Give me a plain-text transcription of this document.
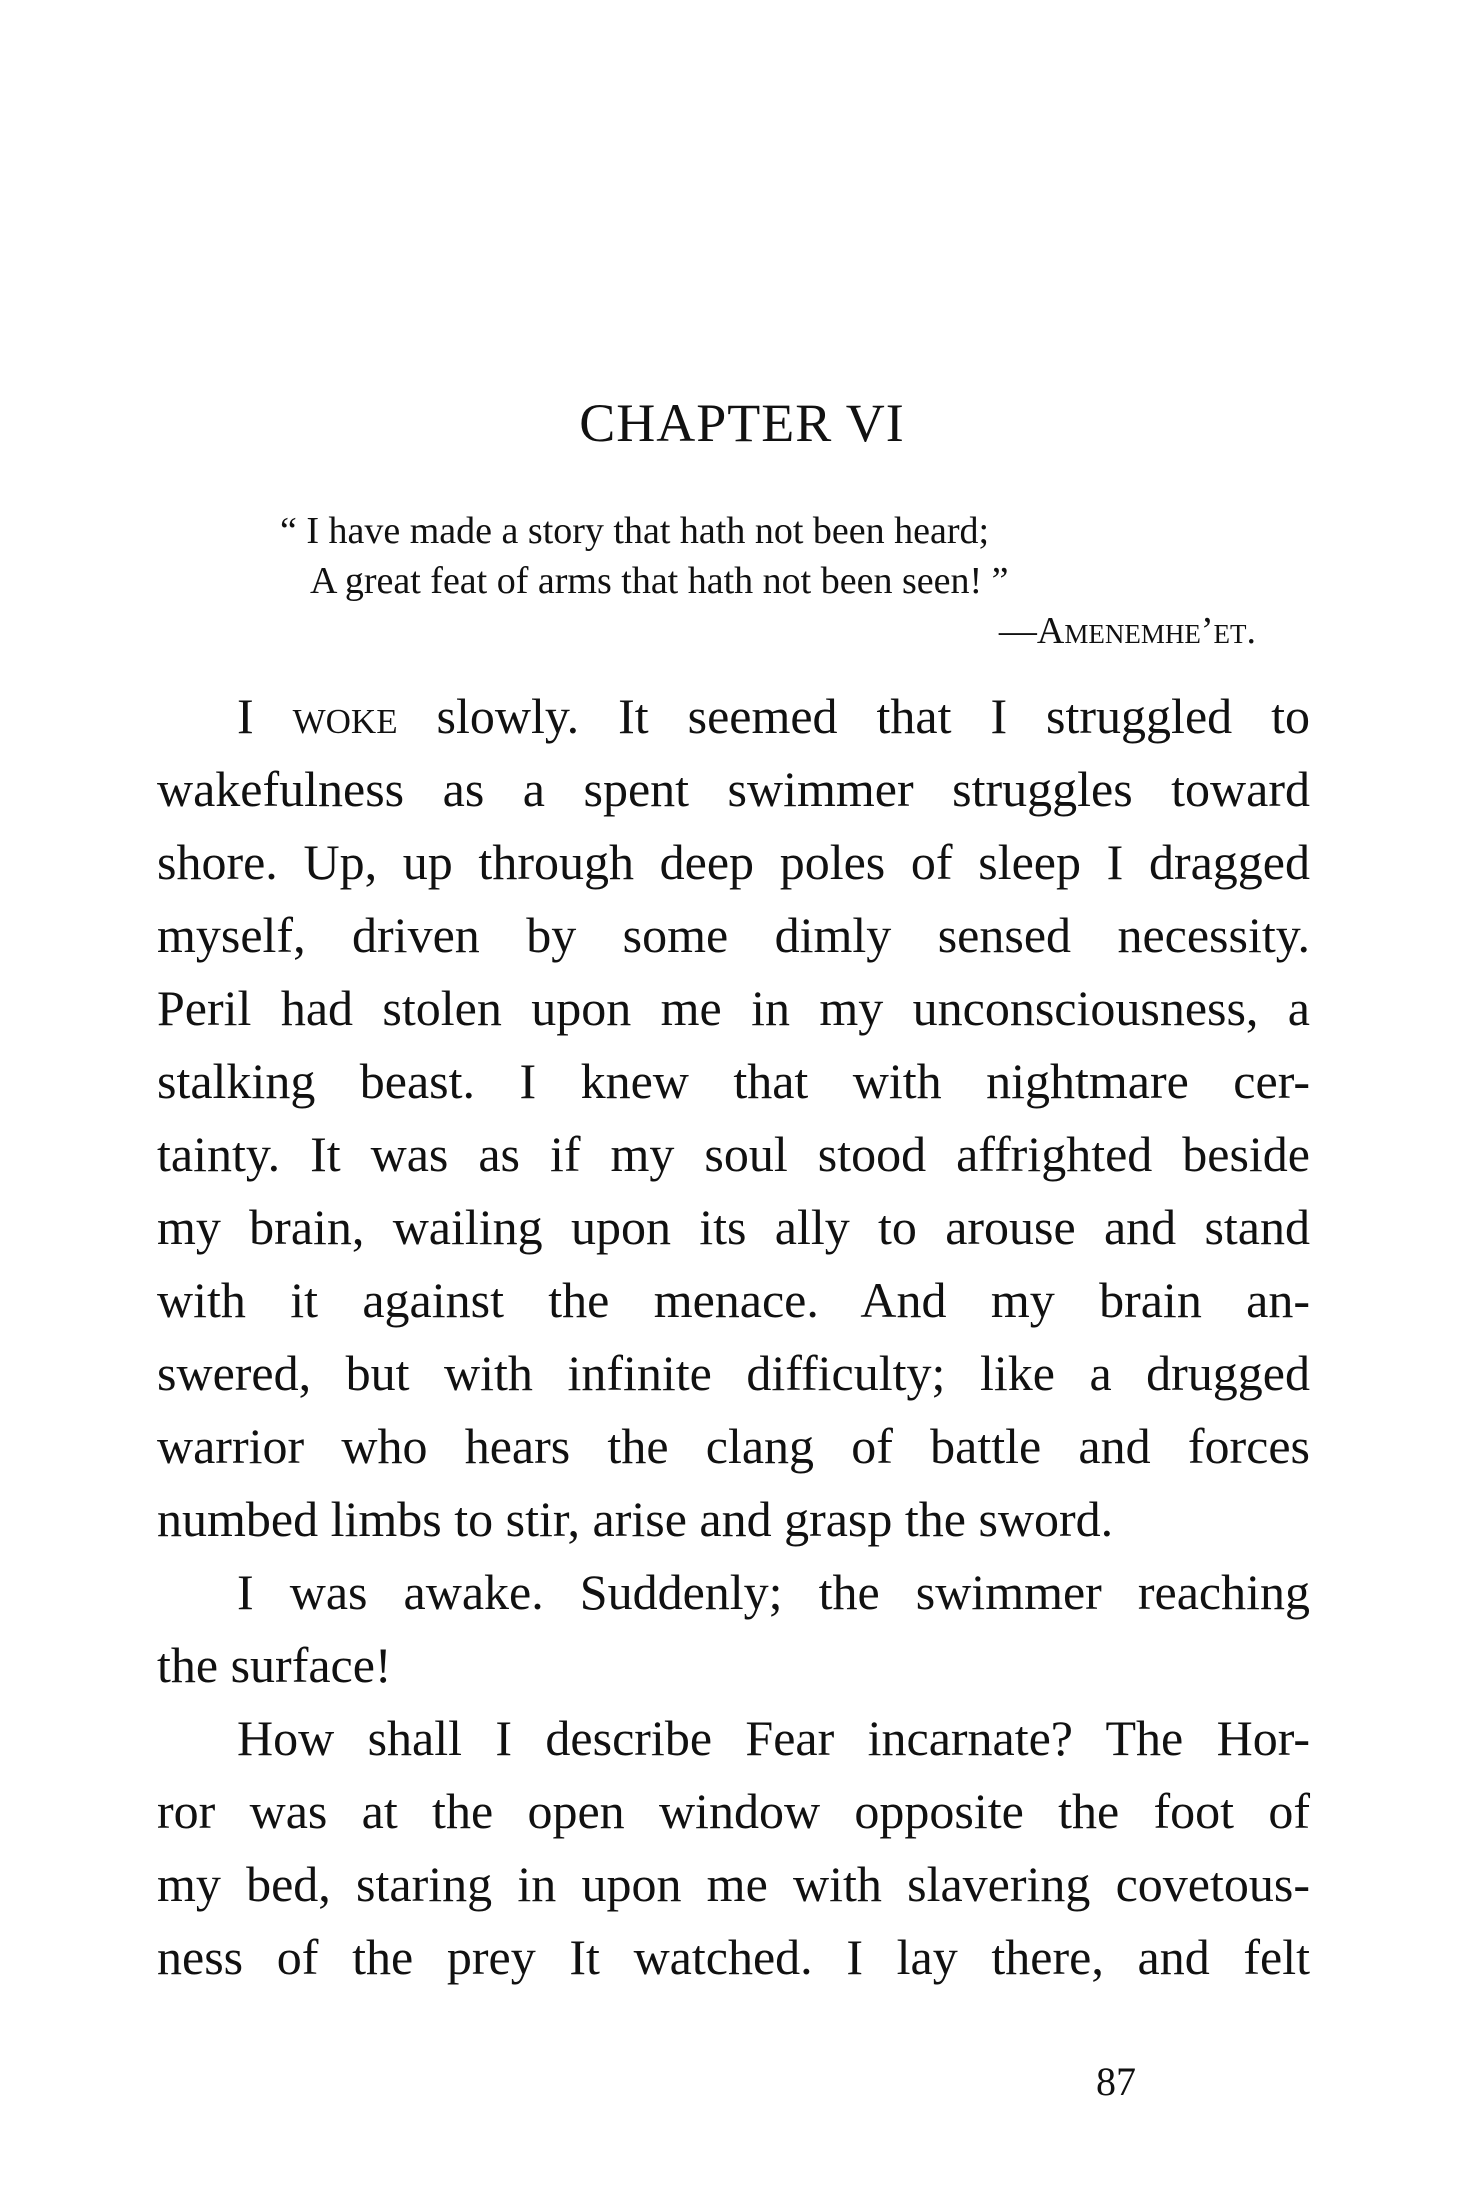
CHAPTER VI
“ I have made a story that hath not been heard;
A great feat of arms that hath not been seen! ”
—Amenemhe’et.

I woke slowly. It seemed that I struggled to

wakefulness as a spent swimmer struggles toward

shore. Up, up through deep poles of sleep I dragged

myself, driven by some dimly sensed necessity.

Peril had stolen upon me in my unconsciousness, a

stalking beast. I knew that with nightmare cer-

tainty. It was as if my soul stood affrighted beside

my brain, wailing upon its ally to arouse and stand

with it against the menace. And my brain an-

swered, but with infinite difficulty; like a drugged

warrior who hears the clang of battle and forces

numbed limbs to stir, arise and grasp the sword.

I was awake. Suddenly; the swimmer reaching

the surface!

How shall I describe Fear incarnate? The Hor-

ror was at the open window opposite the foot of

my bed, staring in upon me with slavering covetous-

ness of the prey It watched. I lay there, and felt

87
